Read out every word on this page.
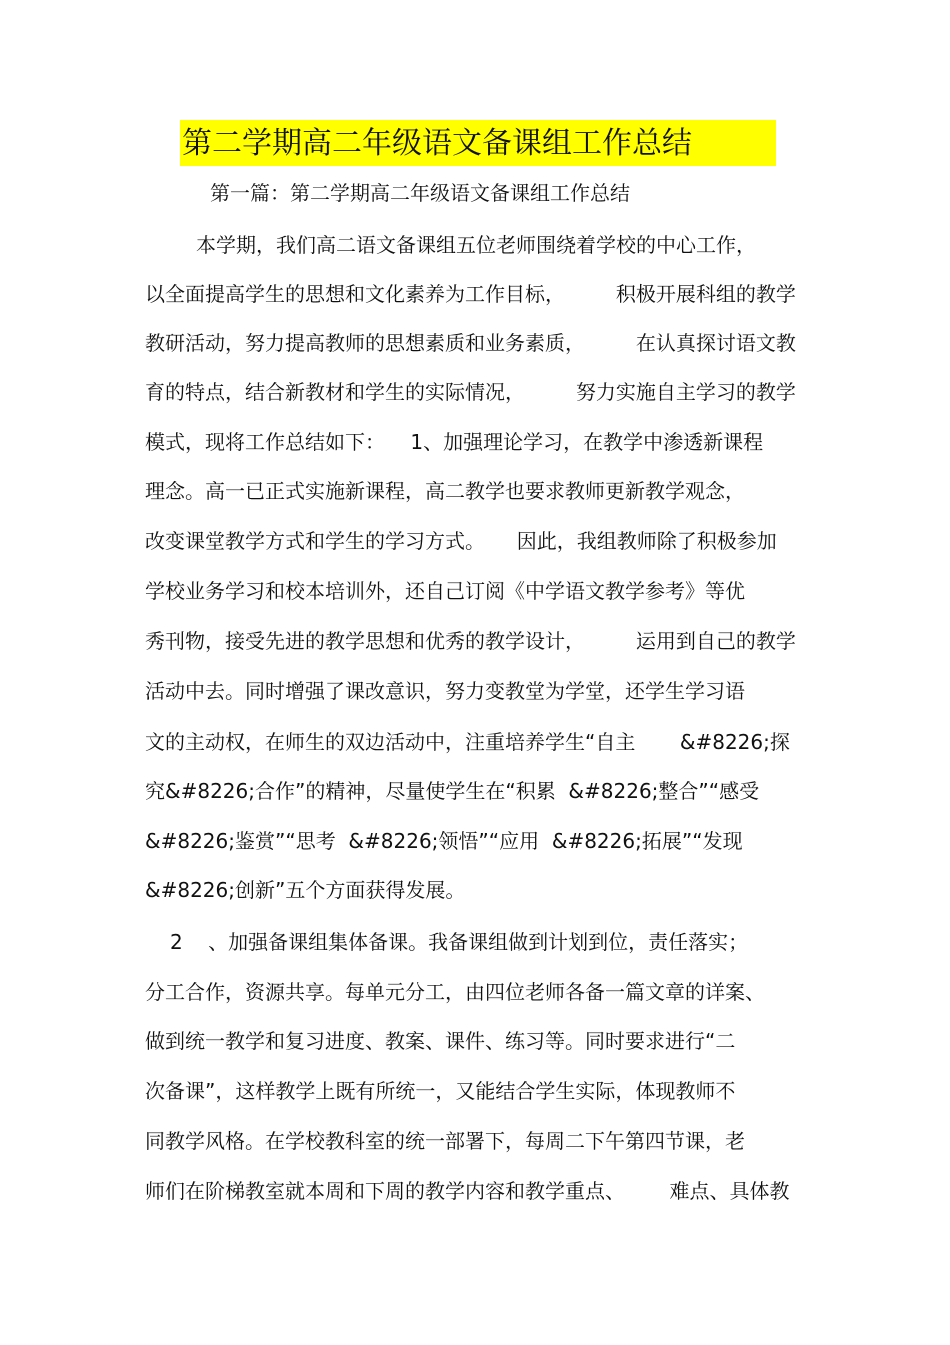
第二学期高二年级语文备课组工作总结
第一篇：第二学期高二年级语文备课组工作总结
本学期，我们高二语文备课组五位老师围绕着学校的中心工作，
以全面提高学生的思想和文化素养为工作目标，        积极开展科组的教学
教研活动，努力提高教师的思想素质和业务素质，        在认真探讨语文教
育的特点，结合新教材和学生的实际情况，        努力实施自主学习的教学
模式，现将工作总结如下：    1、加强理论学习，在教学中渗透新课程
理念。高一已正式实施新课程，高二教学也要求教师更新教学观念，
改变课堂教学方式和学生的学习方式。     因此，我组教师除了积极参加
学校业务学习和校本培训外，还自己订阅《中学语文教学参考》等优
秀刊物，接受先进的教学思想和优秀的教学设计，        运用到自己的教学
活动中去。同时增强了课改意识，努力变教堂为学堂，还学生学习语
文的主动权，在师生的双边活动中，注重培养学生“自主       &#8226;探
究&#8226;合作”的精神，尽量使学生在“积累  &#8226;整合”“感受
&#8226;鉴赏”“思考  &#8226;领悟”“应用  &#8226;拓展”“发现
&#8226;创新”五个方面获得发展。
2    、加强备课组集体备课。我备课组做到计划到位，责任落实；
分工合作，资源共享。每单元分工，由四位老师各备一篇文章的详案、
做到统一教学和复习进度、教案、课件、练习等。同时要求进行“二
次备课”，这样教学上既有所统一，又能结合学生实际，体现教师不
同教学风格。在学校教科室的统一部署下，每周二下午第四节课，老
师们在阶梯教室就本周和下周的教学内容和教学重点、       难点、具体教
